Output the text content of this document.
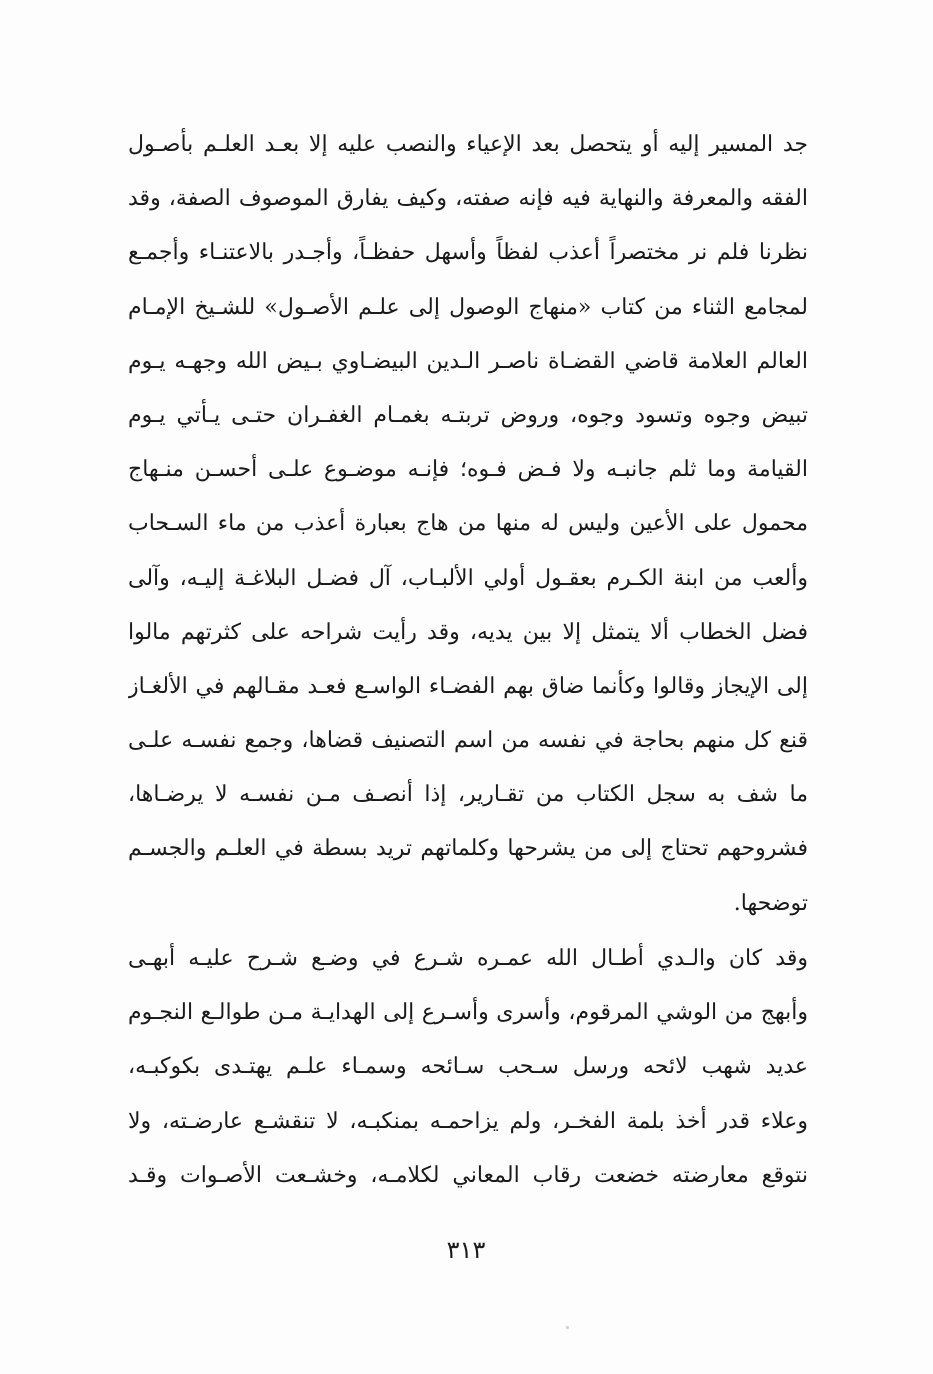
جد المسير إليه أو يتحصل بعد الإعياء والنصب عليه إلا بعـد العلـم بأصـول
الفقه والمعرفة والنهاية فيه فإنه صفته، وكيف يفارق الموصوف الصفة، وقد
نظرنا فلم نر مختصراً أعذب لفظاً وأسهل حفظـاً، وأجـدر بالاعتنـاء وأجمـع
لمجامع الثناء من كتاب «منهاج الوصول إلى علـم الأصـول» للشـيخ الإمـام
العالم العلامة قاضي القضـاة ناصـر الـدين البيضـاوي بـيض الله وجهـه يـوم
تبيض وجوه وتسود وجوه، وروض تربتـه بغمـام الغفـران حتـى يـأتي يـوم
القيامة وما ثلم جانبـه ولا فـض فـوه؛ فإنـه موضـوع علـى أحسـن منـهاج
محمول على الأعين وليس له منها من هاج بعبارة أعذب من ماء السـحاب
وألعب من ابنة الكـرم بعقـول أولي الألبـاب، آل فضـل البلاغـة إليـه، وآلى
فضل الخطاب ألا يتمثل إلا بين يديه، وقد رأيت شراحه على كثرتهم مالوا
إلى الإيجاز وقالوا وكأنما ضاق بهم الفضـاء الواسـع فعـد مقـالهم في الألغـاز
قنع كل منهم بحاجة في نفسه من اسم التصنيف قضاها، وجمع نفسـه علـى
ما شف به سجل الكتاب من تقـارير، إذا أنصـف مـن نفسـه لا يرضـاها،
فشروحهم تحتاج إلى من يشرحها وكلماتهم تريد بسطة في العلـم والجسـم
توضحها.
وقد كان والـدي أطـال الله عمـره شـرع في وضـع شـرح عليـه أبهـى
وأبهج من الوشي المرقوم، وأسرى وأسـرع إلى الهدايـة مـن طوالـع النجـوم
عديد شهب لائحه ورسل سـحب سـائحه وسمـاء علـم يهتـدى بكوكبـه،
وعلاء قدر أخذ بلمة الفخـر، ولم يزاحمـه بمنكبـه، لا تنقشـع عارضـته، ولا
نتوقع معارضته خضعت رقاب المعاني لكلامـه، وخشـعت الأصـوات وقـد
٣١٣
